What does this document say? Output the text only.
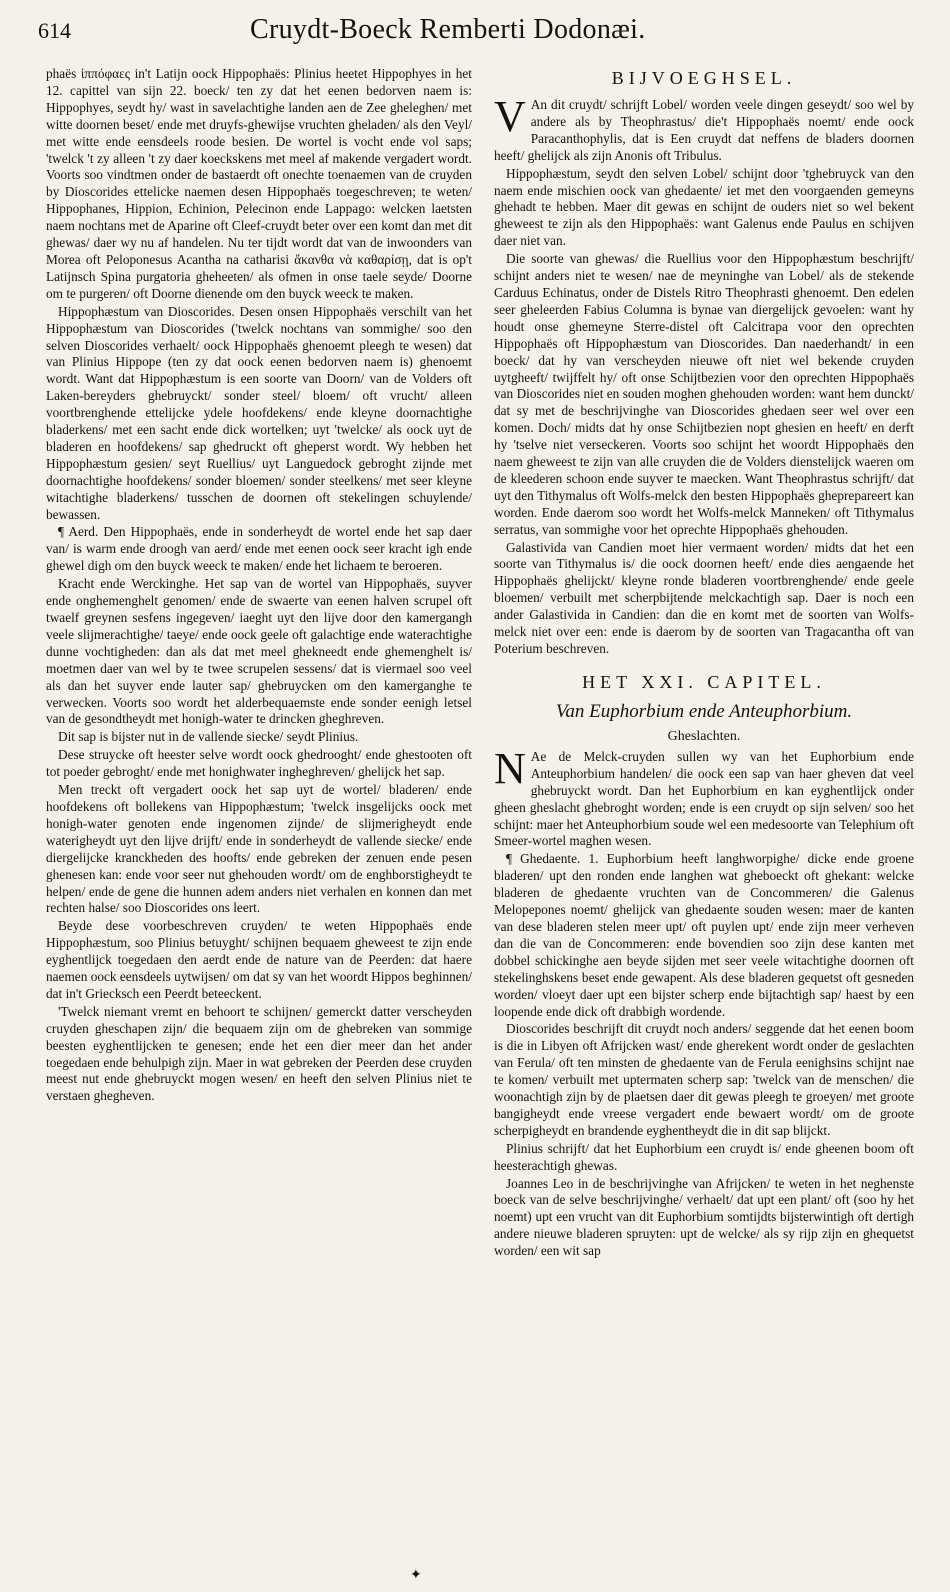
614	Cruydt-Boeck Remberti Dodonæi.

phaës ἱππόφαες in't Latijn oock Hippophaës: Plinius heetet Hippophyes in het 12. capittel van sijn 22. boeck/ ten zy dat het eenen bedorven naem is: Hippophyes, seydt hy/ wast in savelachtighe landen aen de Zee gheleghen/ met witte doornen beset/ ende met druyfs-ghewijse vruchten gheladen/ als den Veyl/ met witte ende eensdeels roode besien. De wortel is vocht ende vol saps; 'twelck 't zy alleen 't zy daer koeckskens met meel af makende vergadert wordt. Voorts soo vindtmen onder de bastaerdt oft onechte toenaemen van de cruyden by Dioscorides ettelicke naemen desen Hippophaës toegeschreven; te weten/ Hippophanes, Hippion, Echinion, Pelecinon ende Lappago: welcken laetsten naem nochtans met de Aparine oft Cleef-cruydt beter over een komt dan met dit ghewas/ daer wy nu af handelen. Nu ter tijdt wordt dat van de inwoonders van Morea oft Peloponesus Acantha na catharisi ἄκανθα νὰ καθαρίσῃ, dat is op't Latijnsch Spina purgatoria gheheeten/ als ofmen in onse taele seyde/ Doorne om te purgeren/ oft Doorne dienende om den buyck weeck te maken.

Hippophæstum van Dioscorides. Desen onsen Hippophaës verschilt van het Hippophæstum van Dioscorides ('twelck nochtans van sommighe/ soo den selven Dioscorides verhaelt/ oock Hippophaës ghenoemt pleegh te wesen) dat van Plinius Hippope (ten zy dat oock eenen bedorven naem is) ghenoemt wordt. Want dat Hippophæstum is een soorte van Doorn/ van de Volders oft Laken-bereyders ghebruyckt/ sonder steel/ bloem/ oft vrucht/ alleen voortbrenghende ettelijcke ydele hoofdekens/ ende kleyne doornachtighe bladerkens/ met een sacht ende dick wortelken; uyt 'twelcke/ als oock uyt de bladeren en hoofdekens/ sap ghedruckt oft gheperst wordt. Wy hebben het Hippophæstum gesien/ seyt Ruellius/ uyt Languedock gebroght zijnde met doornachtighe hoofdekens/ sonder bloemen/ sonder steelkens/ met seer kleyne witachtighe bladerkens/ tusschen de doornen oft stekelingen schuylende/ bewassen.

¶ Aerd. Den Hippophaës, ende in sonderheydt de wortel ende het sap daer van/ is warm ende droogh van aerd/ ende met eenen oock seer kracht igh ende ghewel digh om den buyck weeck te maken/ ende het lichaem te beroeren.

Kracht ende Werckinghe. Het sap van de wortel van Hippophaës, suyver ende onghemenghelt genomen/ ende de swaerte van eenen halven scrupel oft twaelf greynen sesfens ingegeven/ iaeght uyt den lijve door den kamergangh veele slijmerachtighe/ taeye/ ende oock geele oft galachtige ende waterachtighe dunne vochtigheden: dan als dat met meel ghekneedt ende ghemenghelt is/ moetmen daer van wel by te twee scrupelen sessens/ dat is viermael soo veel als dan het suyver ende lauter sap/ ghebruycken om den kamerganghe te verwecken. Voorts soo wordt het alderbequaemste ende sonder eenigh letsel van de gesondtheydt met honigh-water te drincken gheghreven.

Dit sap is bijster nut in de vallende siecke/ seydt Plinius.

Dese struycke oft heester selve wordt oock ghedrooght/ ende ghestooten oft tot poeder gebroght/ ende met honighwater ingheghreven/ ghelijck het sap.

Men treckt oft vergadert oock het sap uyt de wortel/ bladeren/ ende hoofdekens oft bollekens van Hippophæstum; 'twelck insgelijcks oock met honigh-water genoten ende ingenomen zijnde/ de slijmerigheydt ende waterigheydt uyt den lijve drijft/ ende in sonderheydt de vallende siecke/ ende diergelijcke kranckheden des hoofts/ ende gebreken der zenuen ende pesen ghenesen kan: ende voor seer nut ghehouden wordt/ om de enghborstigheydt te helpen/ ende de gene die hunnen adem anders niet verhalen en konnen dan met rechten halse/ soo Dioscorides ons leert.

Beyde dese voorbeschreven cruyden/ te weten Hippophaës ende Hippophæstum, soo Plinius betuyght/ schijnen bequaem gheweest te zijn ende eyghentlijck toegedaen den aerdt ende de nature van de Peerden: dat haere naemen oock eensdeels uytwijsen/ om dat sy van het woordt Hippos beghinnen/ dat in't Griecksch een Peerdt beteeckent.

'Twelck niemant vremt en behoort te schijnen/ gemerckt datter verscheyden cruyden gheschapen zijn/ die bequaem zijn om de ghebreken van sommige beesten eyghentlijcken te genesen; ende het een dier meer dan het ander toegedaen ende behulpigh zijn. Maer in wat gebreken der Peerden dese cruyden meest nut ende ghebruyckt mogen wesen/ en heeft den selven Plinius niet te verstaen ghegheven.

BIJVOEGHSEL.

V An dit cruydt/ schrijft Lobel/ worden veele dingen geseydt/ soo wel by andere als by Theophrastus/ die't Hippophaës noemt/ ende oock Paracanthophylis, dat is Een cruydt dat neffens de bladers doornen heeft/ ghelijck als zijn Anonis oft Tribulus.

Hippophæstum, seydt den selven Lobel/ schijnt door 'tghebruyck van den naem ende mischien oock van ghedaente/ iet met den voorgaenden gemeyns ghehadt te hebben. Maer dit gewas en schijnt de ouders niet so wel bekent gheweest te zijn als den Hippophaës: want Galenus ende Paulus en schijven daer niet van.

Die soorte van ghewas/ die Ruellius voor den Hippophæstum beschrijft/ schijnt anders niet te wesen/ nae de meyninghe van Lobel/ als de stekende Carduus Echinatus, onder de Distels Ritro Theophrasti ghenoemt. Den edelen seer gheleerden Fabius Columna is bynae van diergelijck gevoelen: want hy houdt onse ghemeyne Sterre-distel oft Calcitrapa voor den oprechten Hippophaës oft Hippophæstum van Dioscorides. Dan naederhandt/ in een boeck/ dat hy van verscheyden nieuwe oft niet wel bekende cruyden uytgheeft/ twijffelt hy/ oft onse Schijtbezien voor den oprechten Hippophaës van Dioscorides niet en souden moghen ghehouden worden: want hem dunckt/ dat sy met de beschrijvinghe van Dioscorides ghedaen seer wel over een komen. Doch/ midts dat hy onse Schijtbezien nopt ghesien en heeft/ en derft hy 'tselve niet verseckeren. Voorts soo schijnt het woordt Hippophaës den naem gheweest te zijn van alle cruyden die de Volders dienstelijck waeren om de kleederen schoon ende suyver te maecken. Want Theophrastus schrijft/ dat uyt den Tithymalus oft Wolfs-melck den besten Hippophaës gheprepareert kan worden. Ende daerom soo wordt het Wolfs-melck Manneken/ oft Tithymalus serratus, van sommighe voor het oprechte Hippophaës ghehouden.

Galastivida van Candien moet hier vermaent worden/ midts dat het een soorte van Tithymalus is/ die oock doornen heeft/ ende dies aengaende het Hippophaës ghelijckt/ kleyne ronde bladeren voortbrenghende/ ende geele bloemen/ verbuilt met scherpbijtende melckachtigh sap. Daer is noch een ander Galastivida in Candien: dan die en komt met de soorten van Wolfs-melck niet over een: ende is daerom by de soorten van Tragacantha oft van Poterium beschreven.

HET XXI. CAPITEL.
Van Euphorbium ende Anteuphorbium.
Gheslachten.

N Ae de Melck-cruyden sullen wy van het Euphorbium ende Anteuphorbium handelen/ die oock een sap van haer gheven dat veel ghebruyckt wordt. Dan het Euphorbium en kan eyghentlijck onder gheen gheslacht ghebroght worden; ende is een cruydt op sijn selven/ soo het schijnt: maer het Anteuphorbium soude wel een medesoorte van Telephium oft Smeer-wortel maghen wesen.

¶ Ghedaente. 1. Euphorbium heeft langhworpighe/ dicke ende groene bladeren/ upt den ronden ende langhen wat gheboeckt oft ghekant: welcke bladeren de ghedaente vruchten van de Concommeren/ die Galenus Melopepones noemt/ ghelijck van ghedaente souden wesen: maer de kanten van dese bladeren stelen meer upt/ oft puylen upt/ ende zijn meer verheven dan die van de Concommeren: ende bovendien soo zijn dese kanten met dobbel schickinghe aen beyde sijden met seer veele witachtighe doornen oft stekelinghskens beset ende gewapent. Als dese bladeren gequetst oft gesneden worden/ vloeyt daer upt een bijster scherp ende bijtachtigh sap/ haest by een loopende ende dick oft drabbigh wordende.

Dioscorides beschrijft dit cruydt noch anders/ seggende dat het eenen boom is die in Libyen oft Afrijcken wast/ ende gherekent wordt onder de geslachten van Ferula/ oft ten minsten de ghedaente van de Ferula eenighsins schijnt nae te komen/ verbuilt met uptermaten scherp sap: 'twelck van de menschen/ die woonachtigh zijn by de plaetsen daer dit gewas pleegh te groeyen/ met groote bangigheydt ende vreese vergadert ende bewaert wordt/ om de groote scherpigheydt en brandende eyghentheydt die in dit sap blijckt.

Plinius schrijft/ dat het Euphorbium een cruydt is/ ende gheenen boom oft heesterachtigh ghewas.

Joannes Leo in de beschrijvinghe van Afrijcken/ te weten in het neghenste boeck van de selve beschrijvinghe/ verhaelt/ dat upt een plant/ oft (soo hy het noemt) upt een vrucht van dit Euphorbium somtijdts bijsterwintigh oft dertigh andere nieuwe bladeren spruyten: upt de welcke/ als sy rijp zijn en ghequetst worden/ een wit sap

✦
